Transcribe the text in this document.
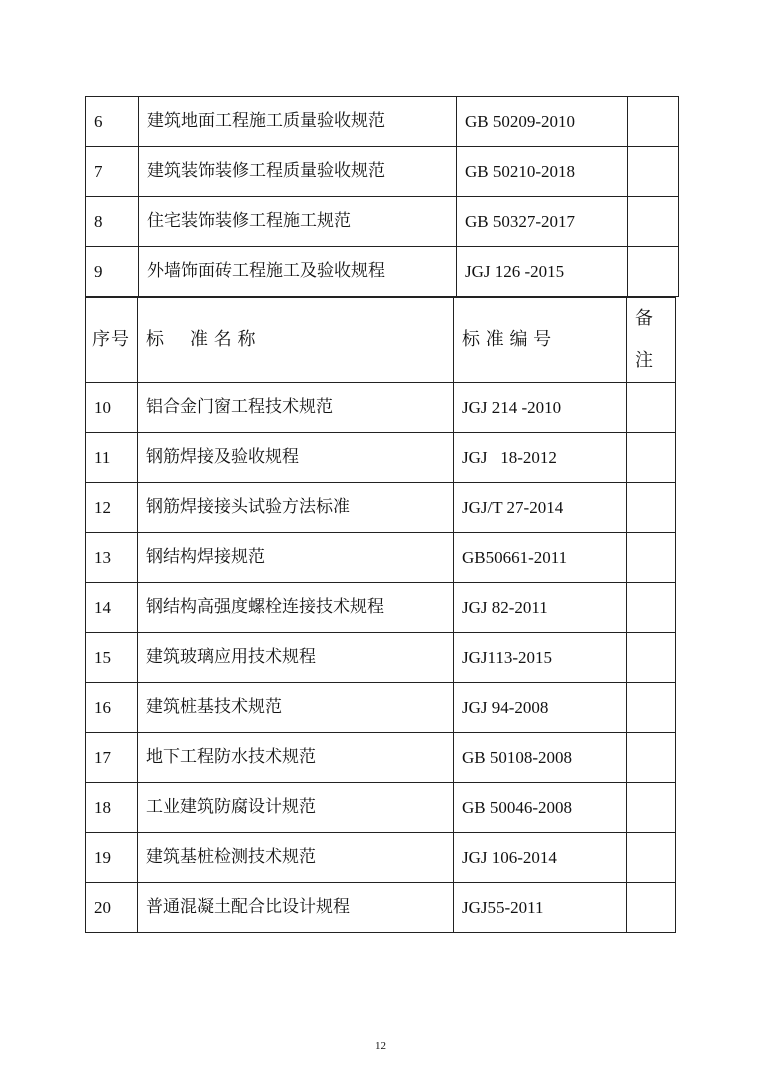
6	建筑地面工程施工质量验收规范	GB 50209-2010	
7	建筑装饰装修工程质量验收规范	GB 50210-2018	
8	住宅装饰装修工程施工规范	GB 50327-2017	
9	外墙饰面砖工程施工及验收规程	JGJ 126 -2015	
序号	标 准 名 称	标 准 编 号	备
注
10	铝合金门窗工程技术规范	JGJ 214 -2010	
11	钢筋焊接及验收规程	JGJ   18-2012	
12	钢筋焊接接头试验方法标准	JGJ/T 27-2014	
13	钢结构焊接规范	GB50661-2011	
14	钢结构高强度螺栓连接技术规程	JGJ 82-2011	
15	建筑玻璃应用技术规程	JGJ113-2015	
16	建筑桩基技术规范	JGJ 94-2008	
17	地下工程防水技术规范	GB 50108-2008	
18	工业建筑防腐设计规范	GB 50046-2008	
19	建筑基桩检测技术规范	JGJ 106-2014	
20	普通混凝土配合比设计规程	JGJ55-2011	
12
